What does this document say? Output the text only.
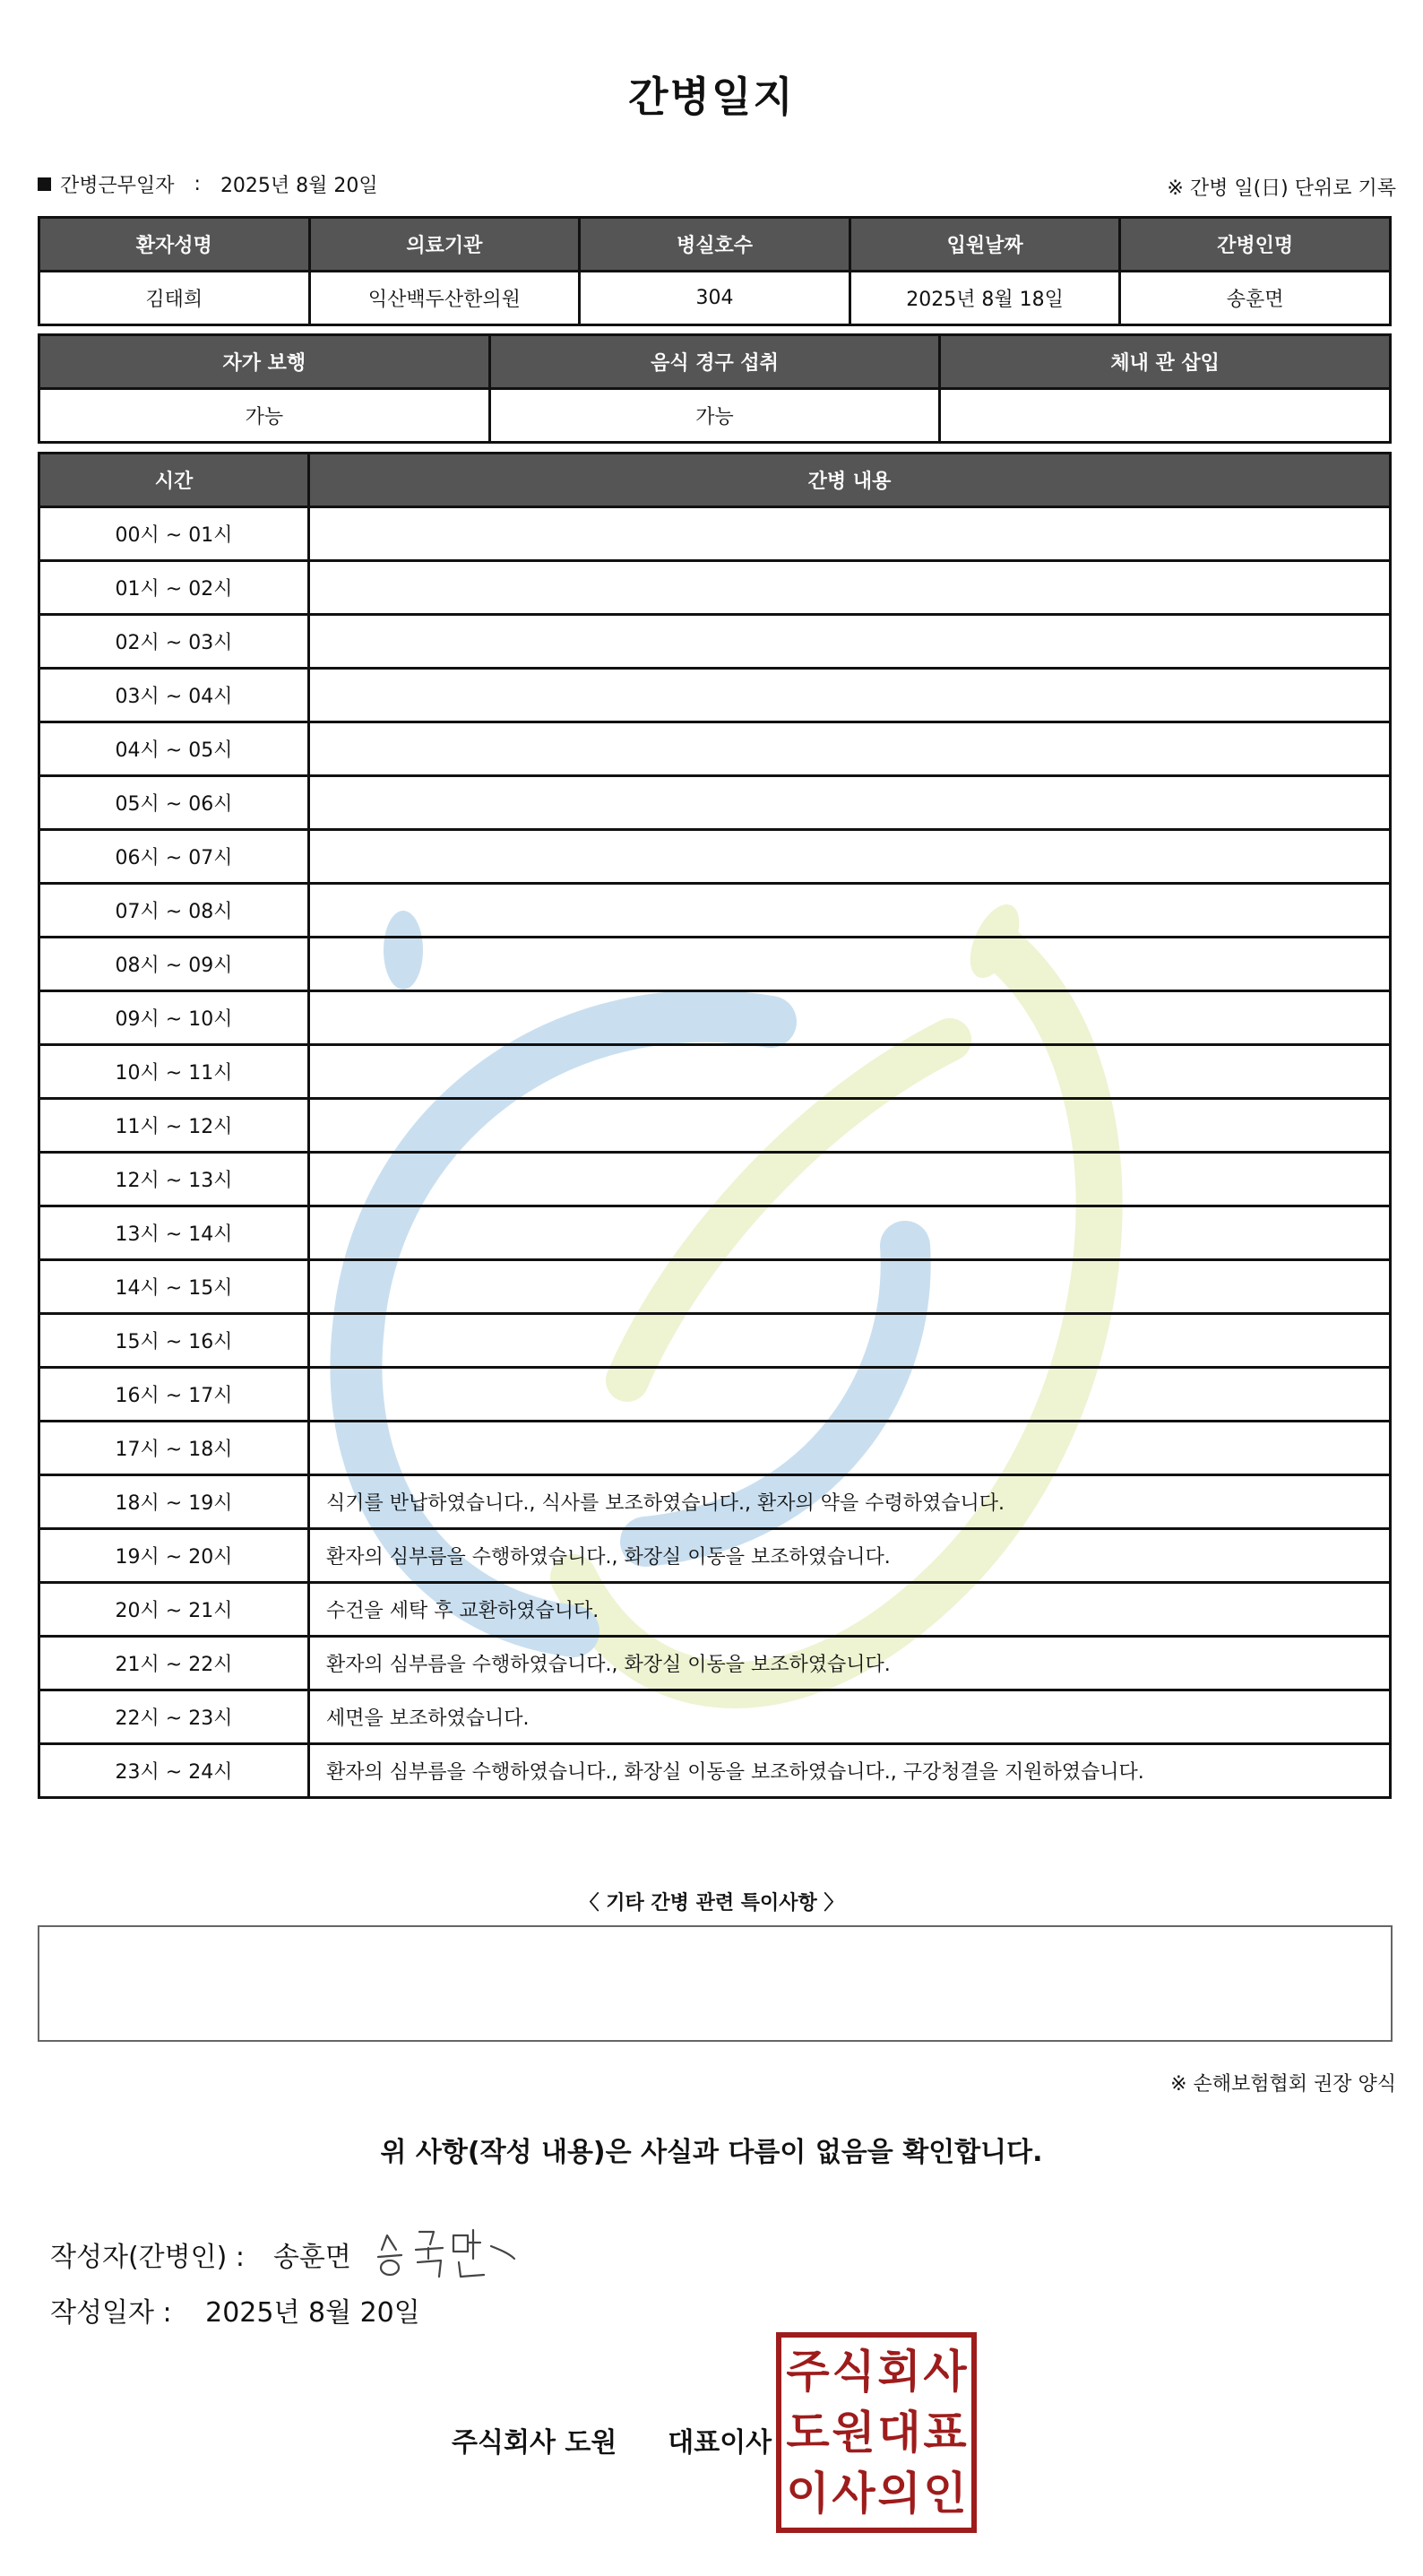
간병일지
간병근무일자 : 2025년 8월 20일	※ 간병 일(日) 단위로 기록
환자성명	의료기관	병실호수	입원날짜	간병인명
김태희	익산백두산한의원	304	2025년 8월 18일	송훈면
자가 보행	음식 경구 섭취	체내 관 삽입
가능	가능	
시간	간병 내용
00시 ~ 01시	
01시 ~ 02시	
02시 ~ 03시	
03시 ~ 04시	
04시 ~ 05시	
05시 ~ 06시	
06시 ~ 07시	
07시 ~ 08시	
08시 ~ 09시	
09시 ~ 10시	
10시 ~ 11시	
11시 ~ 12시	
12시 ~ 13시	
13시 ~ 14시	
14시 ~ 15시	
15시 ~ 16시	
16시 ~ 17시	
17시 ~ 18시	
18시 ~ 19시	식기를 반납하였습니다., 식사를 보조하였습니다., 환자의 약을 수령하였습니다.
19시 ~ 20시	환자의 심부름을 수행하였습니다., 화장실 이동을 보조하였습니다.
20시 ~ 21시	수건을 세탁 후 교환하였습니다.
21시 ~ 22시	환자의 심부름을 수행하였습니다., 화장실 이동을 보조하였습니다.
22시 ~ 23시	세면을 보조하였습니다.
23시 ~ 24시	환자의 심부름을 수행하였습니다., 화장실 이동을 보조하였습니다., 구강청결을 지원하였습니다.
〈 기타 간병 관련 특이사항 〉
※ 손해보험협회 권장 양식
위 사항(작성 내용)은 사실과 다름이 없음을 확인합니다.
작성자(간병인) : 송훈면
작성일자 : 2025년 8월 20일
주식회사 도원 대표이사
주 식 회 사
도 원 대 표
이 사 의 인
